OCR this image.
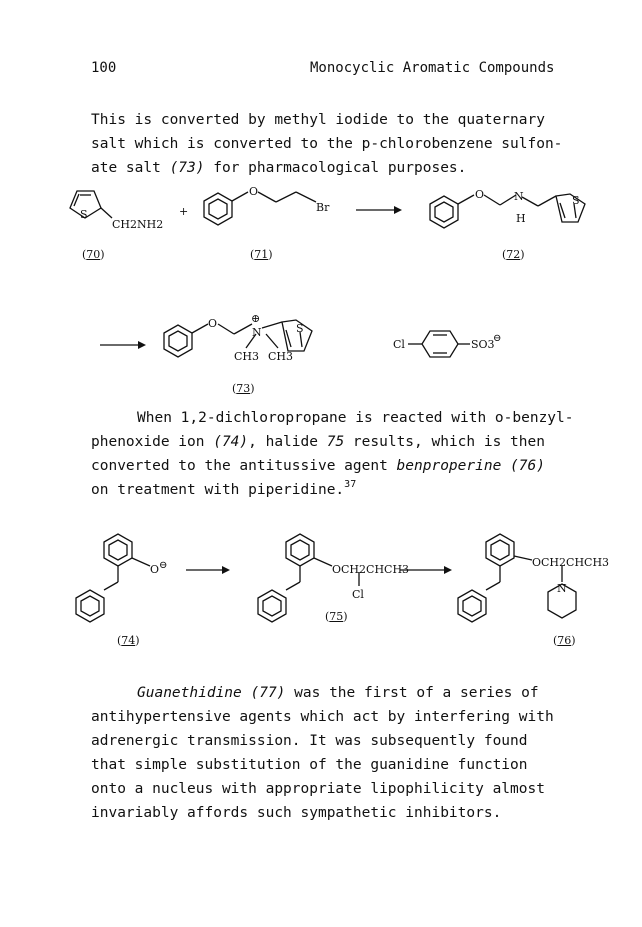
100	Monocyclic Aromatic Compounds
This is converted by methyl iodide to the quaternary
salt which is converted to the p-chlorobenzene sulfon-
ate salt (73) for pharmacological purposes.
S
CH2NH2
+
O
Br
O	N
H
S
(70)	(71)	(72)
O	⊕
N
CH3 CH3
S
Cl	SO3
⊖
(73)
When 1,2-dichloropropane is reacted with o-benzyl-
phenoxide ion (74), halide 75 results, which is then
converted to the antitussive agent benproperine (76)
on treatment with piperidine.$^{37}$
O ⊖	OCH2CHCH3
Cl
OCH2CHCH3
N
(74)
(75)
(76)
Guanethidine (77) was the first of a series of
antihypertensive agents which act by interfering with
adrenergic transmission. It was subsequently found
that simple substitution of the guanidine function
onto a nucleus with appropriate lipophilicity almost
invariably affords such sympathetic inhibitors.
